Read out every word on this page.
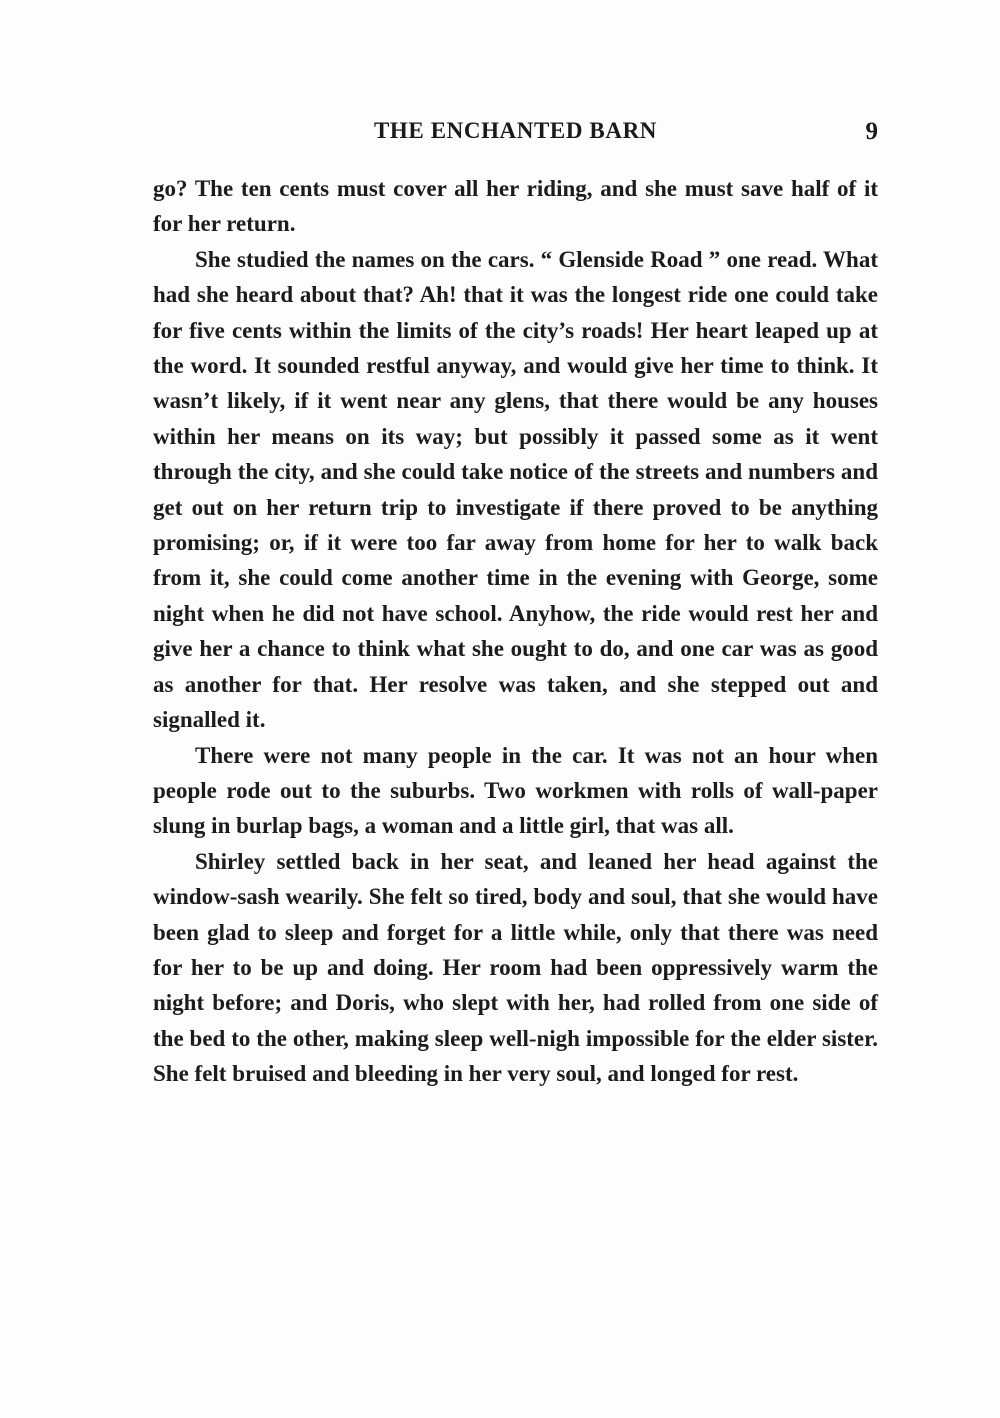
THE ENCHANTED BARN	9

go? The ten cents must cover all her riding, and she must save half of it for her return.

She studied the names on the cars. “ Glenside Road ” one read. What had she heard about that? Ah! that it was the longest ride one could take for five cents within the limits of the city’s roads! Her heart leaped up at the word. It sounded restful anyway, and would give her time to think. It wasn’t likely, if it went near any glens, that there would be any houses within her means on its way; but possibly it passed some as it went through the city, and she could take notice of the streets and numbers and get out on her return trip to investigate if there proved to be anything promising; or, if it were too far away from home for her to walk back from it, she could come another time in the evening with George, some night when he did not have school. Anyhow, the ride would rest her and give her a chance to think what she ought to do, and one car was as good as another for that. Her resolve was taken, and she stepped out and signalled it.

There were not many people in the car. It was not an hour when people rode out to the suburbs. Two workmen with rolls of wall-paper slung in burlap bags, a woman and a little girl, that was all.

Shirley settled back in her seat, and leaned her head against the window-sash wearily. She felt so tired, body and soul, that she would have been glad to sleep and forget for a little while, only that there was need for her to be up and doing. Her room had been oppressively warm the night before; and Doris, who slept with her, had rolled from one side of the bed to the other, making sleep well-nigh impossible for the elder sister. She felt bruised and bleeding in her very soul, and longed for rest.
